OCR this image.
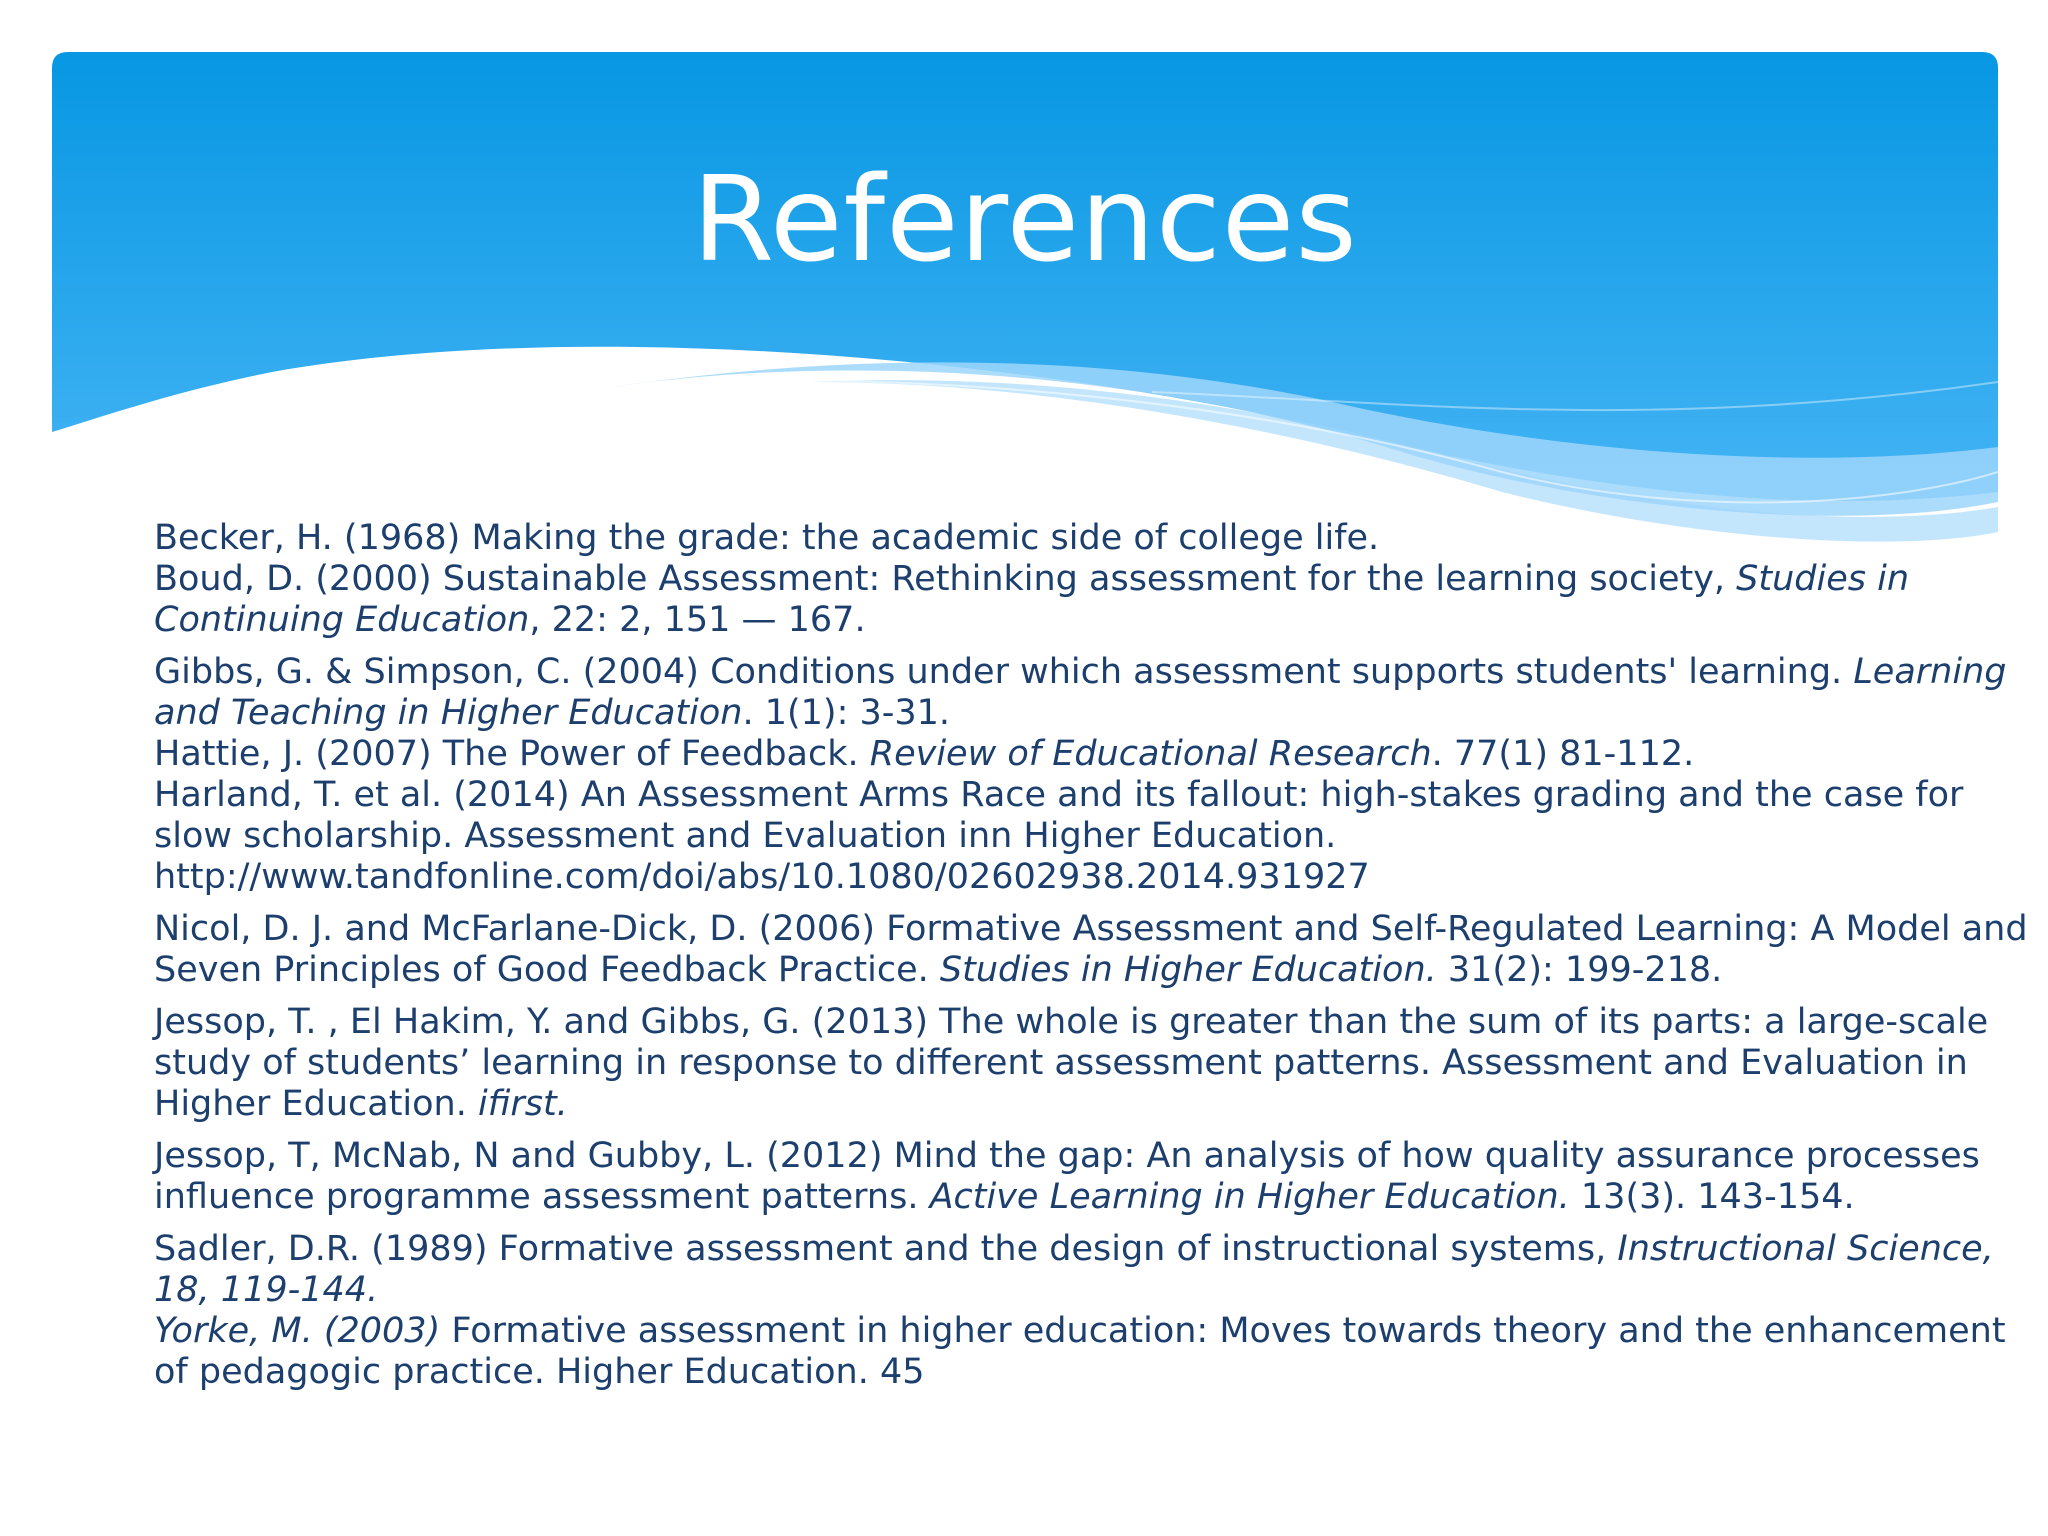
References

Becker, H. (1968) Making the grade: the academic side of college life.

Boud, D. (2000) Sustainable Assessment: Rethinking assessment for the learning society, Studies in Continuing Education, 22: 2, 151 — 167.

Gibbs, G. & Simpson, C. (2004) Conditions under which assessment supports students' learning. Learning and Teaching in Higher Education. 1(1): 3-31.

Hattie, J. (2007) The Power of Feedback. Review of Educational Research. 77(1) 81-112.

Harland, T. et al. (2014) An Assessment Arms Race and its fallout: high-stakes grading and the case for slow scholarship. Assessment and Evaluation inn Higher Education. http://www.tandfonline.com/doi/abs/10.1080/02602938.2014.931927

Nicol, D. J. and McFarlane-Dick, D. (2006) Formative Assessment and Self-Regulated Learning: A Model and Seven Principles of Good Feedback Practice. Studies in Higher Education. 31(2): 199-218.

Jessop, T. , El Hakim, Y. and Gibbs, G. (2013) The whole is greater than the sum of its parts: a large-scale study of students’ learning in response to different assessment patterns. Assessment and Evaluation in Higher Education. ifirst.

Jessop, T, McNab, N and Gubby, L. (2012) Mind the gap: An analysis of how quality assurance processes influence programme assessment patterns. Active Learning in Higher Education. 13(3). 143-154.

Sadler, D.R. (1989) Formative assessment and the design of instructional systems, Instructional Science, 18, 119-144.

Yorke, M. (2003) Formative assessment in higher education: Moves towards theory and the enhancement of pedagogic practice. Higher Education. 45
